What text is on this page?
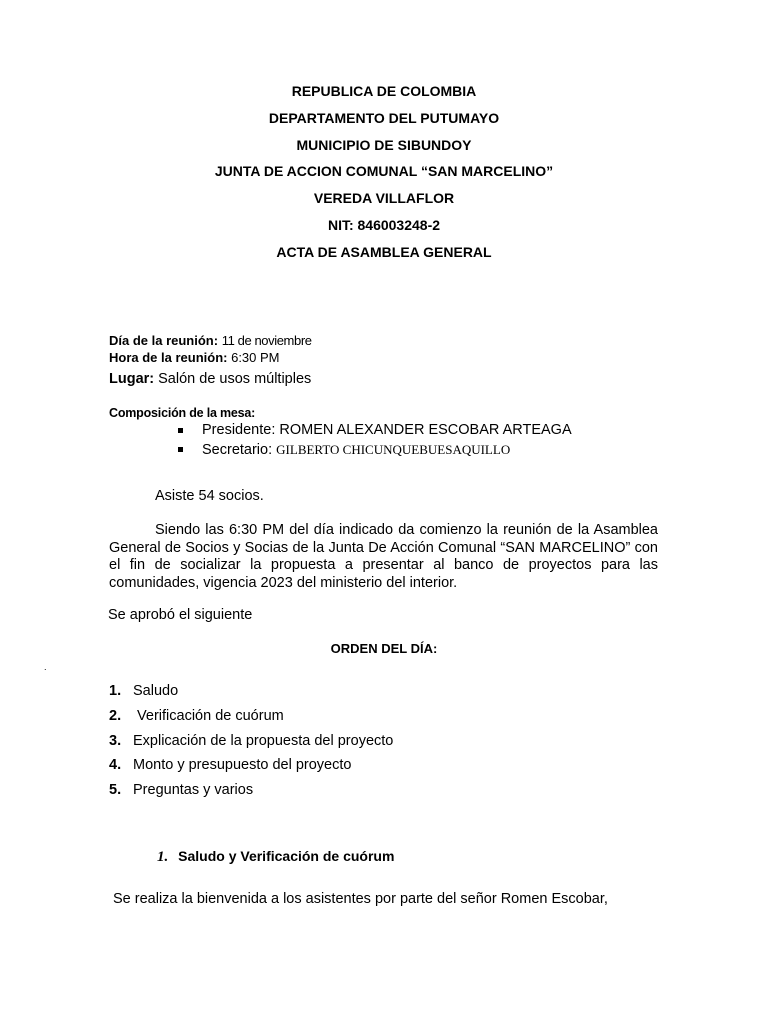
REPUBLICA DE COLOMBIA
DEPARTAMENTO DEL PUTUMAYO
MUNICIPIO DE SIBUNDOY
JUNTA DE ACCION COMUNAL “SAN MARCELINO”
VEREDA VILLAFLOR
NIT: 846003248-2
ACTA DE ASAMBLEA GENERAL
Día de la reunión: 11 de noviembre
Hora de la reunión: 6:30 PM
Lugar: Salón de usos múltiples
Composición de la mesa:
Presidente: ROMEN ALEXANDER ESCOBAR ARTEAGA
Secretario: GILBERTO CHICUNQUEBUESAQUILLO
Asiste 54 socios.
Siendo las 6:30 PM del día indicado da comienzo la reunión de la Asamblea General de Socios y Socias de la Junta De Acción Comunal “SAN MARCELINO” con el fin de socializar la propuesta a presentar al banco de proyectos para las comunidades, vigencia 2023 del ministerio del interior.
Se aprobó el siguiente
ORDEN DEL DÍA:
.
1. Saludo
2. Verificación de cuórum
3. Explicación de la propuesta del proyecto
4. Monto y presupuesto del proyecto
5. Preguntas y varios
1. Saludo y Verificación de cuórum
Se realiza la bienvenida a los asistentes por parte del señor Romen Escobar,
